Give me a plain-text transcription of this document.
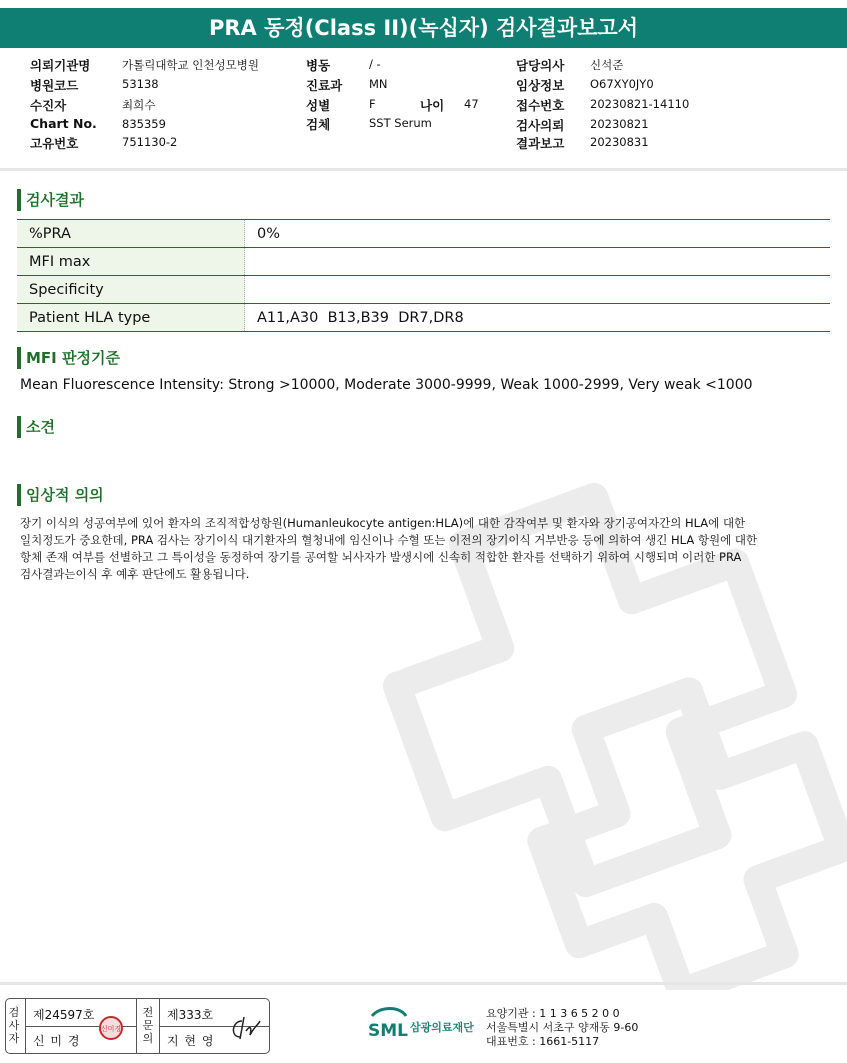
PRA 동정(Class II)(녹십자) 검사결과보고서
의뢰기관명	가톨릭대학교 인천성모병원
병원코드	53138
수진자	최희수
Chart No. 835359
고유번호	751130-2
병동	/ -
진료과 MN
성별	F	나이 47
검체	SST Serum
담당의사 신석준
임상정보 O67XY0JY0
접수번호 20230821-14110
검사의뢰 20230821
결과보고 20230831
검사결과
%PRA	0%
MFI max	
Specificity	
Patient HLA type	A11,A30  B13,B39  DR7,DR8
MFI 판정기준
Mean Fluorescence Intensity: Strong >10000, Moderate 3000-9999, Weak 1000-2999, Very weak <1000
소견
임상적 의의
장기 이식의 성공여부에 있어 환자의 조직적합성항원(Humanleukocyte antigen:HLA)에 대한 감작여부 및 환자와 장기공여자간의 HLA에 대한
일치정도가 중요한데, PRA 검사는 장기이식 대기환자의 혈청내에 임신이나 수혈 또는 이전의 장기이식 거부반응 등에 의하여 생긴 HLA 항원에 대한
항체 존재 여부를 선별하고 그 특이성을 동정하여 장기를 공여할 뇌사자가 발생시에 신속히 적합한 환자를 선택하기 위하여 시행되며 이러한 PRA
검사결과는이식 후 예후 판단에도 활용됩니다.
검사자
제24597호
신 미 경
신미경
전문의
제333호
지 현 영	SML 삼광의료재단
요양기관 : 1 1 3 6 5 2 0 0
서울특별시 서초구 양재동 9-60
대표번호 : 1661-5117
